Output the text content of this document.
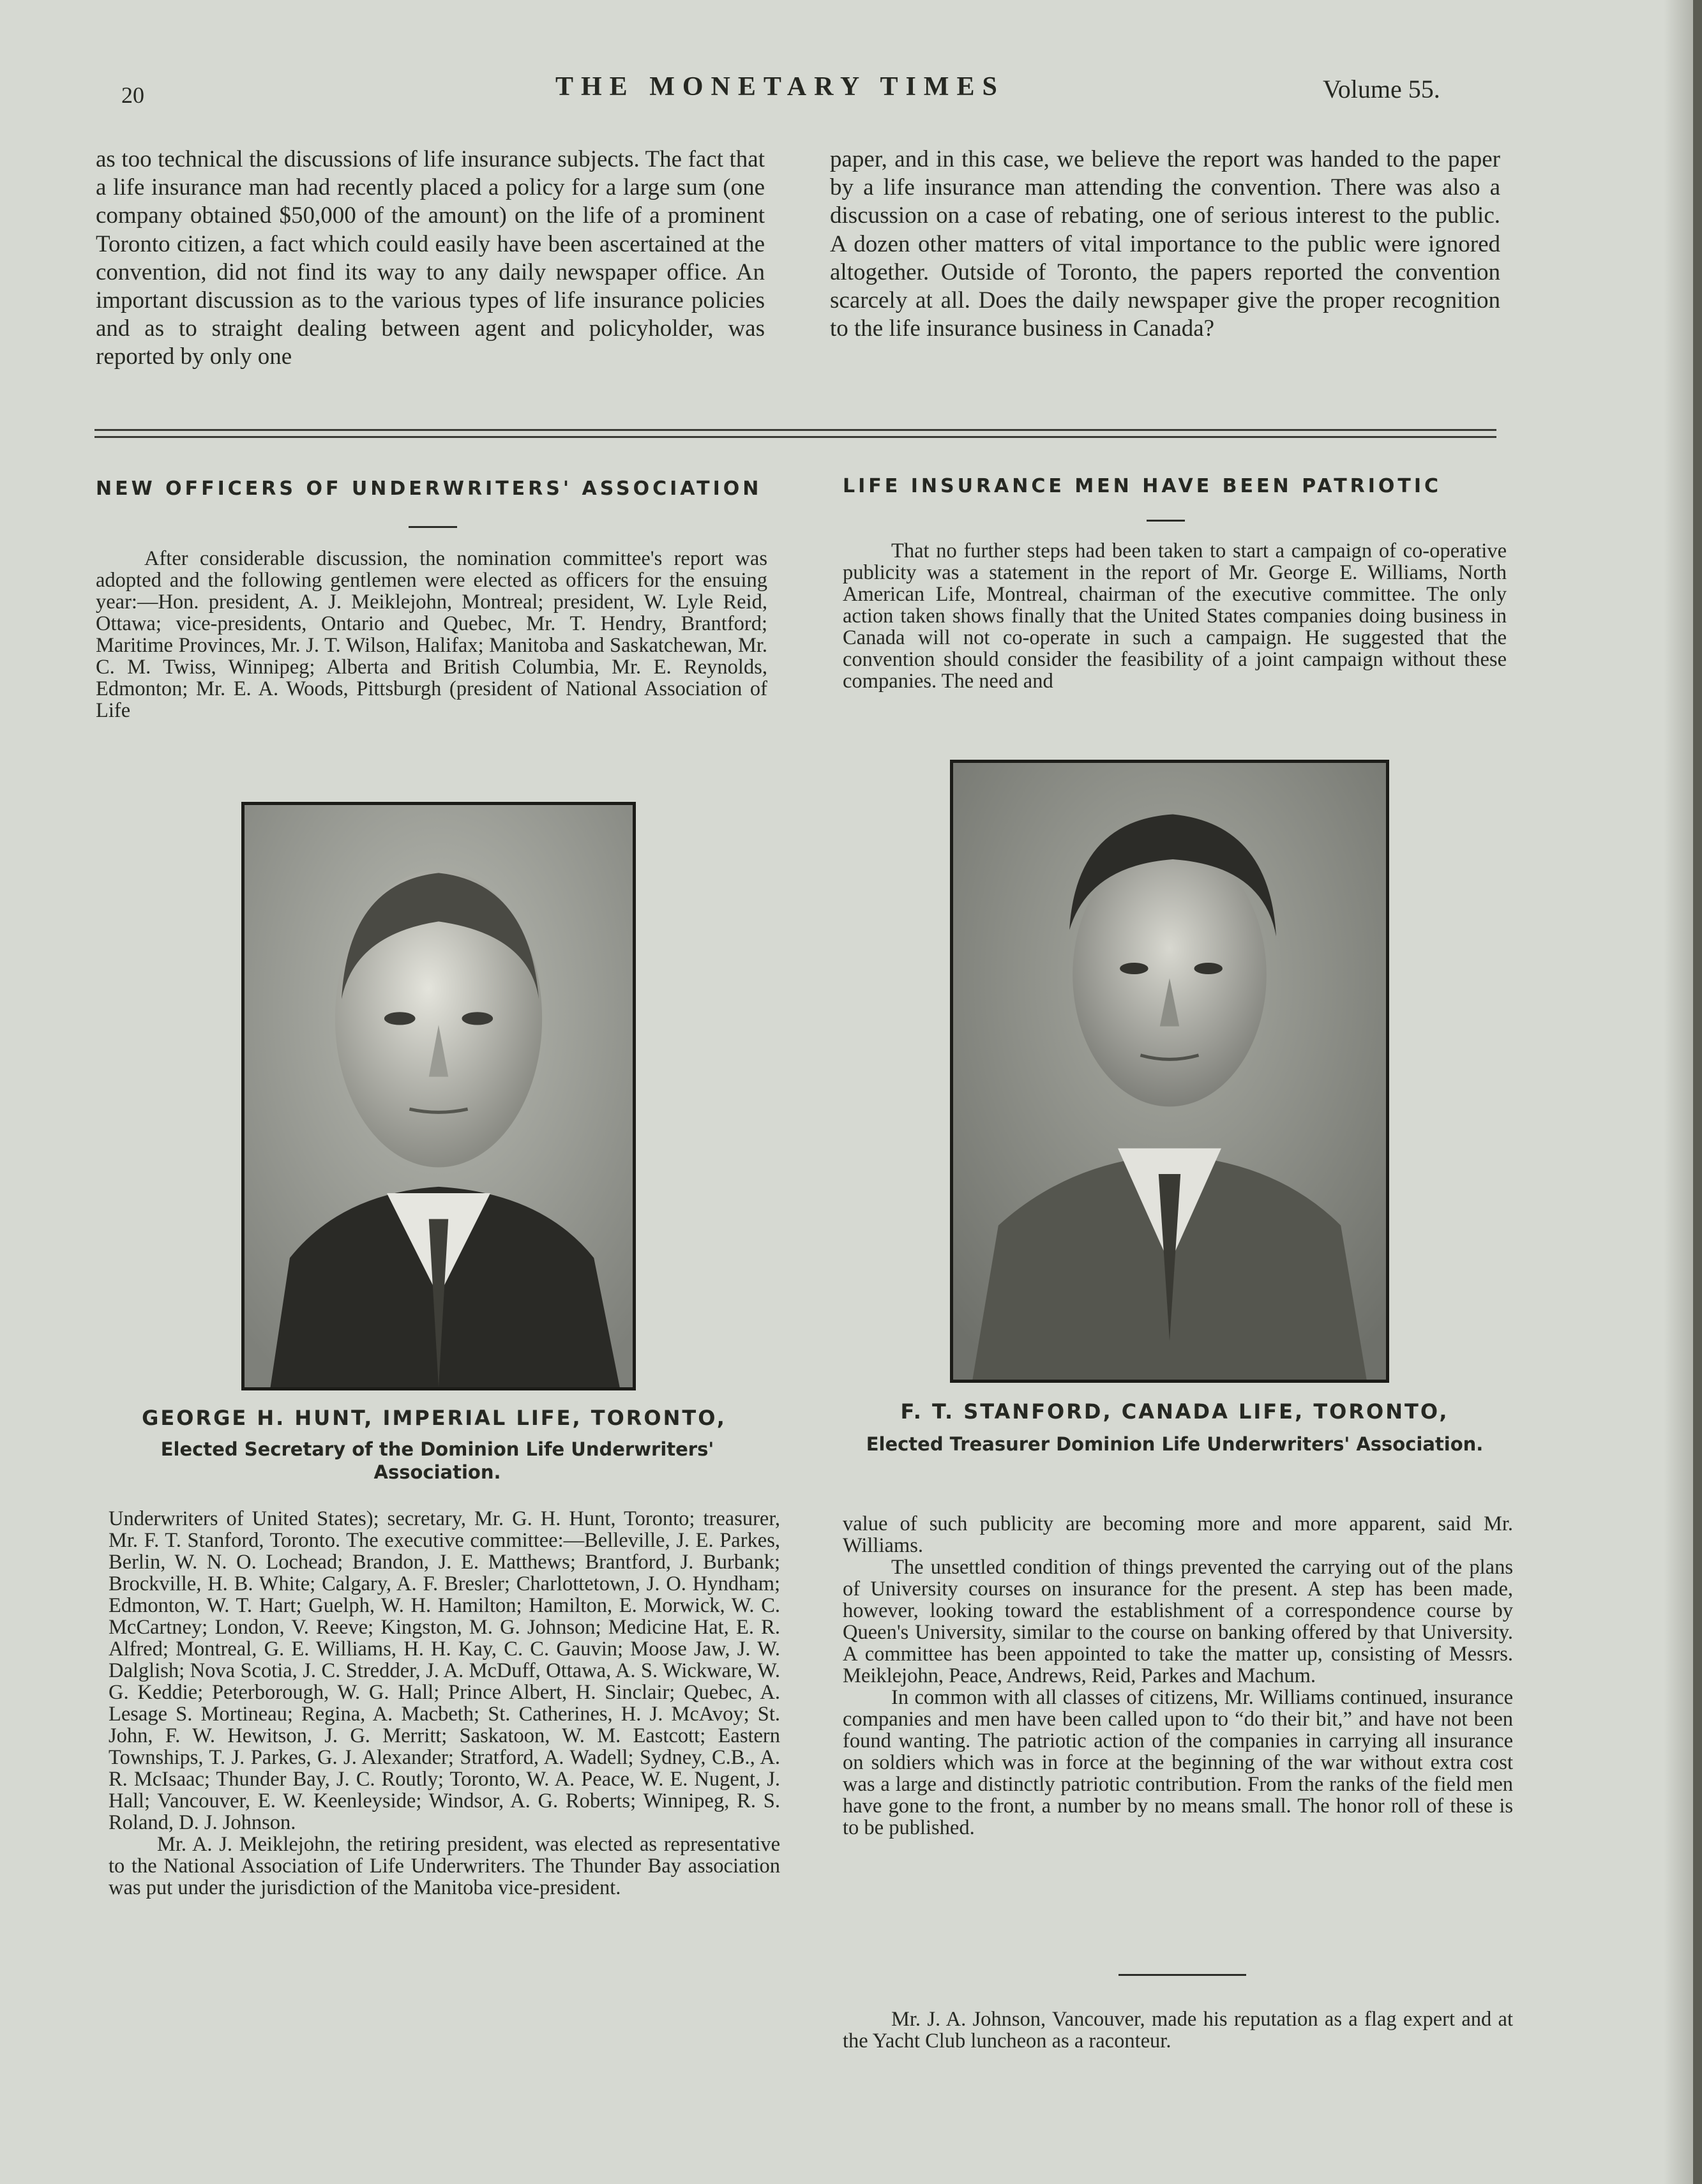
20	THE MONETARY TIMES	Volume 55.

as too technical the discussions of life insurance subjects. The fact that a life insurance man had recently placed a policy for a large sum (one company obtained $50,000 of the amount) on the life of a prominent Toronto citizen, a fact which could easily have been ascertained at the convention, did not find its way to any daily newspaper office. An important discussion as to the various types of life insurance policies and as to straight dealing between agent and policyholder, was reported by only one

paper, and in this case, we believe the report was handed to the paper by a life insurance man attending the convention. There was also a discussion on a case of rebating, one of serious interest to the public. A dozen other matters of vital importance to the public were ignored altogether. Outside of Toronto, the papers reported the convention scarcely at all. Does the daily newspaper give the proper recognition to the life insurance business in Canada?

NEW OFFICERS OF UNDERWRITERS' ASSOCIATION	LIFE INSURANCE MEN HAVE BEEN PATRIOTIC

After considerable discussion, the nomination committee's report was adopted and the following gentlemen were elected as officers for the ensuing year:—Hon. president, A. J. Meiklejohn, Montreal; president, W. Lyle Reid, Ottawa; vice-presidents, Ontario and Quebec, Mr. T. Hendry, Brantford; Maritime Provinces, Mr. J. T. Wilson, Halifax; Manitoba and Saskatchewan, Mr. C. M. Twiss, Winnipeg; Alberta and British Columbia, Mr. E. Reynolds, Edmonton; Mr. E. A. Woods, Pittsburgh (president of National Association of Life

That no further steps had been taken to start a campaign of co-operative publicity was a statement in the report of Mr. George E. Williams, North American Life, Montreal, chairman of the executive committee. The only action taken shows finally that the United States companies doing business in Canada will not co-operate in such a campaign. He suggested that the convention should consider the feasibility of a joint campaign without these companies. The need and

GEORGE H. HUNT, IMPERIAL LIFE, TORONTO,
Elected Secretary of the Dominion Life Underwriters' Association.
F. T. STANFORD, CANADA LIFE, TORONTO,
Elected Treasurer Dominion Life Underwriters' Association.

Underwriters of United States); secretary, Mr. G. H. Hunt, Toronto; treasurer, Mr. F. T. Stanford, Toronto. The executive committee:—Belleville, J. E. Parkes, Berlin, W. N. O. Lochead; Brandon, J. E. Matthews; Brantford, J. Burbank; Brockville, H. B. White; Calgary, A. F. Bresler; Charlottetown, J. O. Hyndham; Edmonton, W. T. Hart; Guelph, W. H. Hamilton; Hamilton, E. Morwick, W. C. McCartney; London, V. Reeve; Kingston, M. G. Johnson; Medicine Hat, E. R. Alfred; Montreal, G. E. Williams, H. H. Kay, C. C. Gauvin; Moose Jaw, J. W. Dalglish; Nova Scotia, J. C. Stredder, J. A. McDuff, Ottawa, A. S. Wickware, W. G. Keddie; Peterborough, W. G. Hall; Prince Albert, H. Sinclair; Quebec, A. Lesage S. Mortineau; Regina, A. Macbeth; St. Catherines, H. J. McAvoy; St. John, F. W. Hewitson, J. G. Merritt; Saskatoon, W. M. Eastcott; Eastern Townships, T. J. Parkes, G. J. Alexander; Stratford, A. Wadell; Sydney, C.B., A. R. McIsaac; Thunder Bay, J. C. Routly; Toronto, W. A. Peace, W. E. Nugent, J. Hall; Vancouver, E. W. Keenleyside; Windsor, A. G. Roberts; Winnipeg, R. S. Roland, D. J. Johnson.

Mr. A. J. Meiklejohn, the retiring president, was elected as representative to the National Association of Life Underwriters. The Thunder Bay association was put under the jurisdiction of the Manitoba vice-president.

value of such publicity are becoming more and more apparent, said Mr. Williams.

The unsettled condition of things prevented the carrying out of the plans of University courses on insurance for the present. A step has been made, however, looking toward the establishment of a correspondence course by Queen's University, similar to the course on banking offered by that University. A committee has been appointed to take the matter up, consisting of Messrs. Meiklejohn, Peace, Andrews, Reid, Parkes and Machum.

In common with all classes of citizens, Mr. Williams continued, insurance companies and men have been called upon to “do their bit,” and have not been found wanting. The patriotic action of the companies in carrying all insurance on soldiers which was in force at the beginning of the war without extra cost was a large and distinctly patriotic contribution. From the ranks of the field men have gone to the front, a number by no means small. The honor roll of these is to be published.

Mr. J. A. Johnson, Vancouver, made his reputation as a flag expert and at the Yacht Club luncheon as a raconteur.
